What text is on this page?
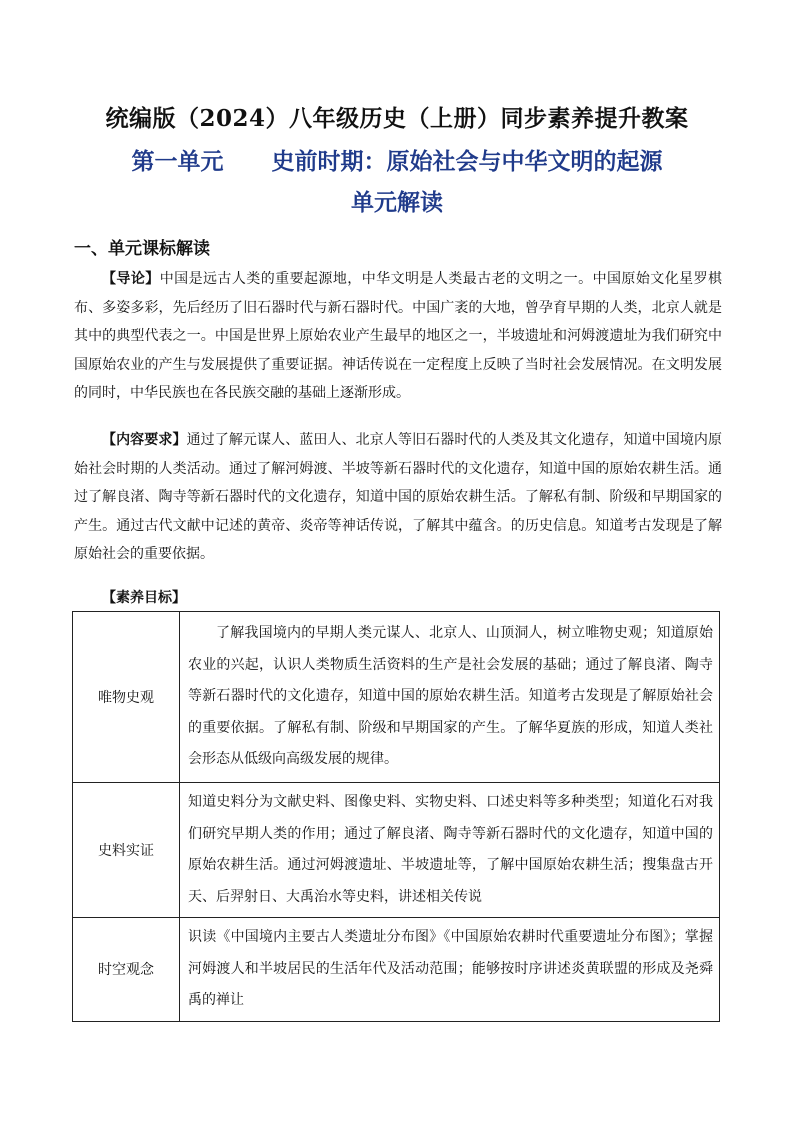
统编版（2024）八年级历史（上册）同步素养提升教案
第一单元      史前时期：原始社会与中华文明的起源
单元解读
一、单元课标解读

【导论】中国是远古人类的重要起源地，中华文明是人类最古老的文明之一。中国原始文化星罗棋布、多姿多彩，先后经历了旧石器时代与新石器时代。中国广袤的大地，曾孕育早期的人类，北京人就是其中的典型代表之一。中国是世界上原始农业产生最早的地区之一，半坡遗址和河姆渡遗址为我们研究中国原始农业的产生与发展提供了重要证据。神话传说在一定程度上反映了当时社会发展情况。在文明发展的同时，中华民族也在各民族交融的基础上逐渐形成。

【内容要求】通过了解元谋人、蓝田人、北京人等旧石器时代的人类及其文化遗存，知道中国境内原始社会时期的人类活动。通过了解河姆渡、半坡等新石器时代的文化遗存，知道中国的原始农耕生活。通过了解良渚、陶寺等新石器时代的文化遗存，知道中国的原始农耕生活。了解私有制、阶级和早期国家的产生。通过古代文献中记述的黄帝、炎帝等神话传说，了解其中蕴含。的历史信息。知道考古发现是了解原始社会的重要依据。

【素养目标】
唯物史观	了解我国境内的早期人类元谋人、北京人、山顶洞人，树立唯物史观；知道原始农业的兴起，认识人类物质生活资料的生产是社会发展的基础；通过了解良渚、陶寺等新石器时代的文化遗存，知道中国的原始农耕生活。知道考古发现是了解原始社会的重要依据。了解私有制、阶级和早期国家的产生。了解华夏族的形成，知道人类社会形态从低级向高级发展的规律。
史料实证	知道史料分为文献史料、图像史料、实物史料、口述史料等多种类型；知道化石对我们研究早期人类的作用；通过了解良渚、陶寺等新石器时代的文化遗存，知道中国的原始农耕生活。通过河姆渡遗址、半坡遗址等，了解中国原始农耕生活；搜集盘古开天、后羿射日、大禹治水等史料，讲述相关传说
时空观念	识读《中国境内主要古人类遗址分布图》《中国原始农耕时代重要遗址分布图》；掌握河姆渡人和半坡居民的生活年代及活动范围；能够按时序讲述炎黄联盟的形成及尧舜禹的禅让
